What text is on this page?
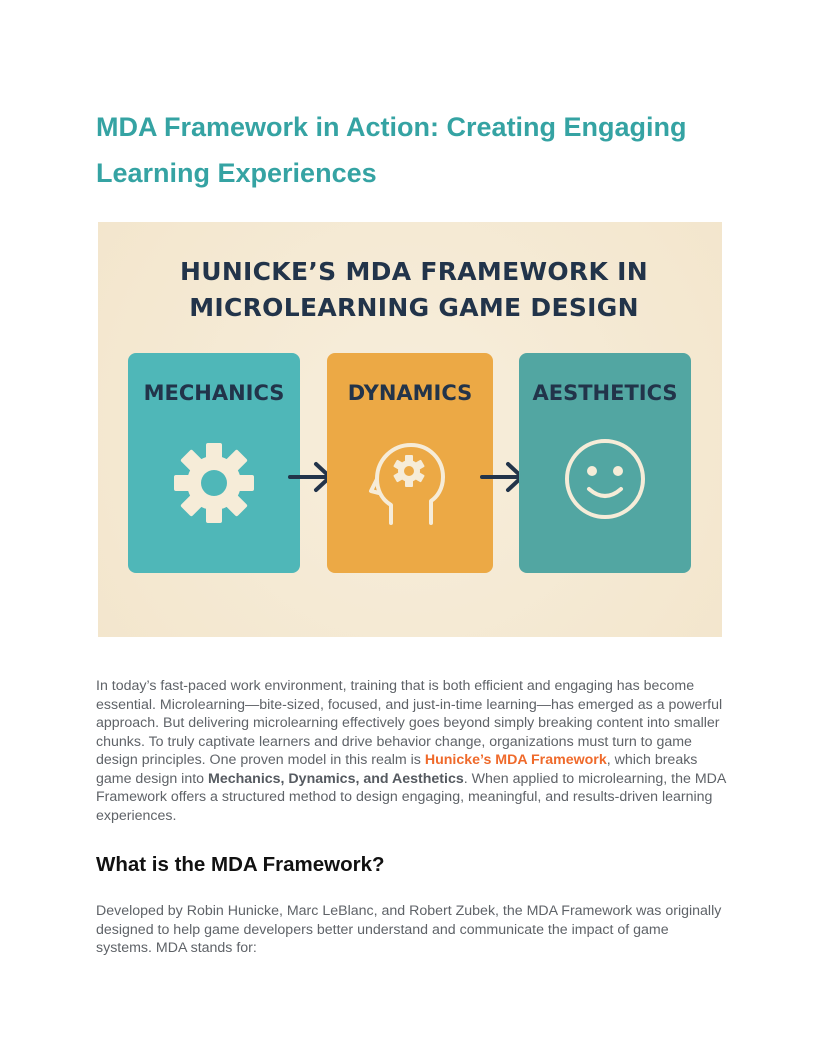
MDA Framework in Action: Creating Engaging
Learning Experiences
HUNICKE’S MDA FRAMEWORK IN
MICROLEARNING GAME DESIGN
MECHANICS	DYNAMICS	AESTHETICS

In today’s fast-paced work environment, training that is both efficient and engaging has become essential. Microlearning—bite-sized, focused, and just-in-time learning—has emerged as a powerful approach. But delivering microlearning effectively goes beyond simply breaking content into smaller chunks. To truly captivate learners and drive behavior change, organizations must turn to game design principles. One proven model in this realm is Hunicke’s MDA Framework, which breaks game design into Mechanics, Dynamics, and Aesthetics. When applied to microlearning, the MDA Framework offers a structured method to design engaging, meaningful, and results-driven learning experiences.

What is the MDA Framework?

Developed by Robin Hunicke, Marc LeBlanc, and Robert Zubek, the MDA Framework was originally designed to help game developers better understand and communicate the impact of game systems. MDA stands for:
